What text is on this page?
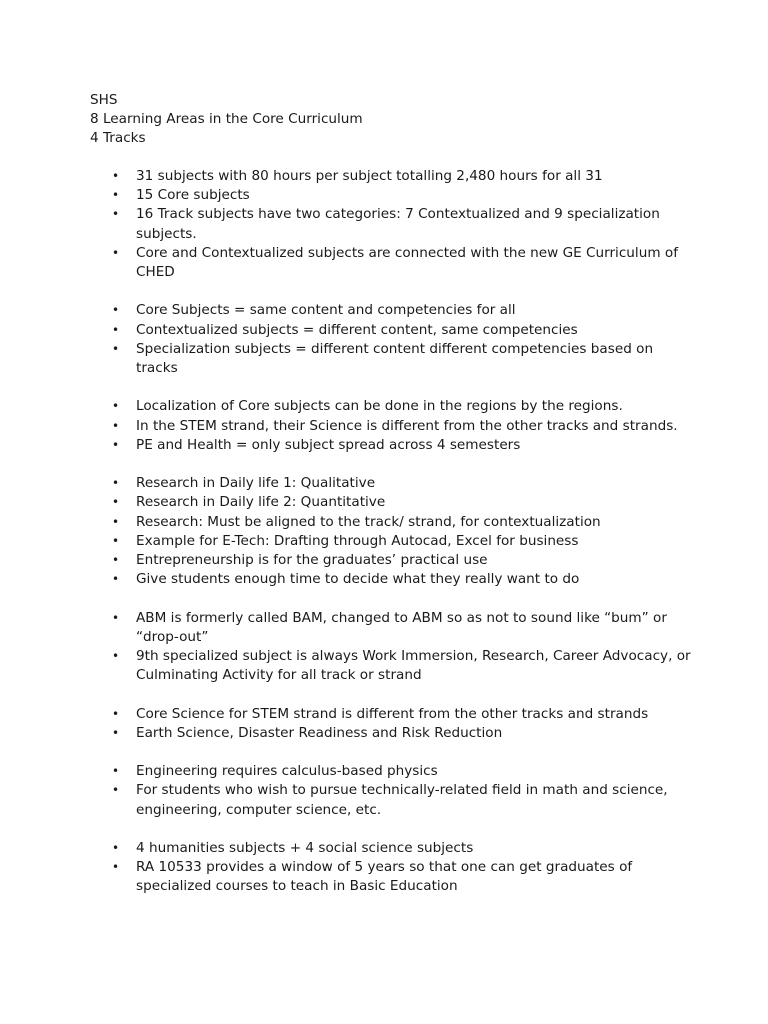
SHS
8 Learning Areas in the Core Curriculum
4 Tracks
• 31 subjects with 80 hours per subject totalling 2,480 hours for all 31
• 15 Core subjects
• 16 Track subjects have two categories: 7 Contextualized and 9 specialization subjects.
• Core and Contextualized subjects are connected with the new GE Curriculum of CHED
• Core Subjects = same content and competencies for all
• Contextualized subjects = different content, same competencies
• Specialization subjects = different content different competencies based on tracks
• Localization of Core subjects can be done in the regions by the regions.
• In the STEM strand, their Science is different from the other tracks and strands.
• PE and Health = only subject spread across 4 semesters
• Research in Daily life 1: Qualitative
• Research in Daily life 2: Quantitative
• Research: Must be aligned to the track/ strand, for contextualization
• Example for E-Tech: Drafting through Autocad, Excel for business
• Entrepreneurship is for the graduates’ practical use
• Give students enough time to decide what they really want to do
• ABM is formerly called BAM, changed to ABM so as not to sound like “bum” or “drop-out”
• 9th specialized subject is always Work Immersion, Research, Career Advocacy, or Culminating Activity for all track or strand
• Core Science for STEM strand is different from the other tracks and strands
• Earth Science, Disaster Readiness and Risk Reduction
• Engineering requires calculus-based physics
• For students who wish to pursue technically-related field in math and science, engineering, computer science, etc.
• 4 humanities subjects + 4 social science subjects
• RA 10533 provides a window of 5 years so that one can get graduates of specialized courses to teach in Basic Education
